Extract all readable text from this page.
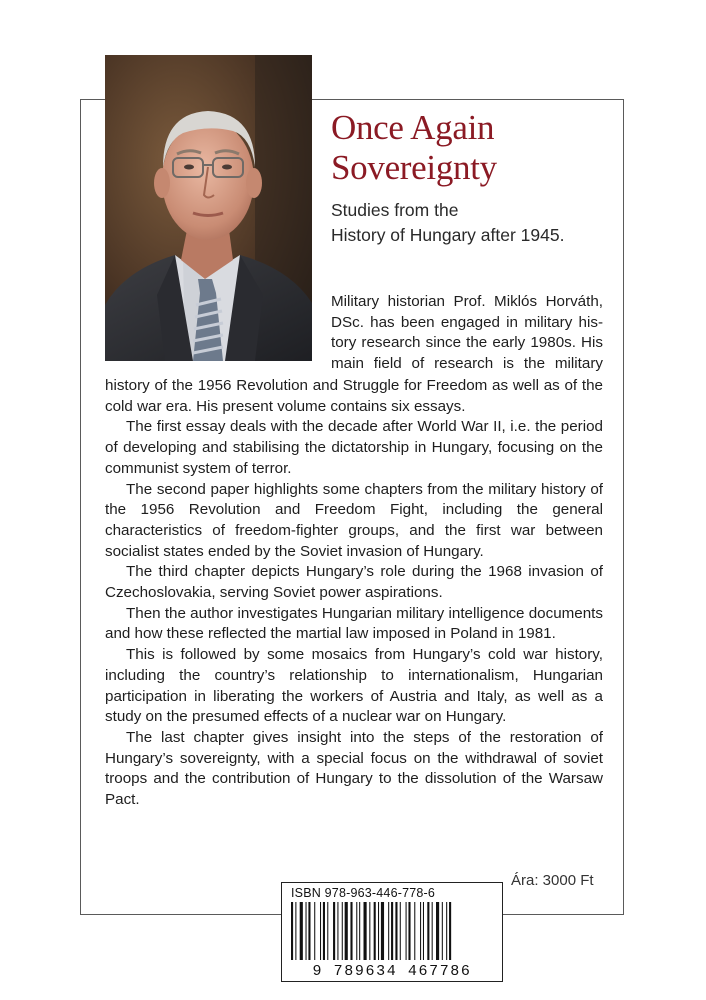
Once Again
Sovereignty
Studies from the
History of Hungary after 1945.

Military historian Prof. Miklós Horváth,

DSc. has been engaged in military his-

tory research since the early 1980s. His

main field of research is the military

history of the 1956 Revolution and Struggle for Freedom as well as of the cold war era. His present volume contains six essays.

The first essay deals with the decade after World War II, i.e. the period of developing and stabilising the dictatorship in Hungary, focusing on the communist system of terror.

The second paper highlights some chapters from the military history of the 1956 Revolution and Freedom Fight, including the general characteristics of freedom-fighter groups, and the first war between socialist states ended by the Soviet invasion of Hungary.

The third chapter depicts Hungary’s role during the 1968 invasion of Czechoslovakia, serving Soviet power aspirations.

Then the author investigates Hungarian military intelligence documents and how these reflected the martial law imposed in Poland in 1981.

This is followed by some mosaics from Hungary’s cold war history, including the country’s relationship to internationalism, Hungarian participation in liberating the workers of Austria and Italy, as well as a study on the presumed effects of a nuclear war on Hungary.

The last chapter gives insight into the steps of the restoration of Hungary’s sovereignty, with a special focus on the withdrawal of soviet troops and the contribution of Hungary to the dissolution of the Warsaw Pact.

Ára: 3000 Ft
ISBN 978-963-446-778-6
9 789634 467786
